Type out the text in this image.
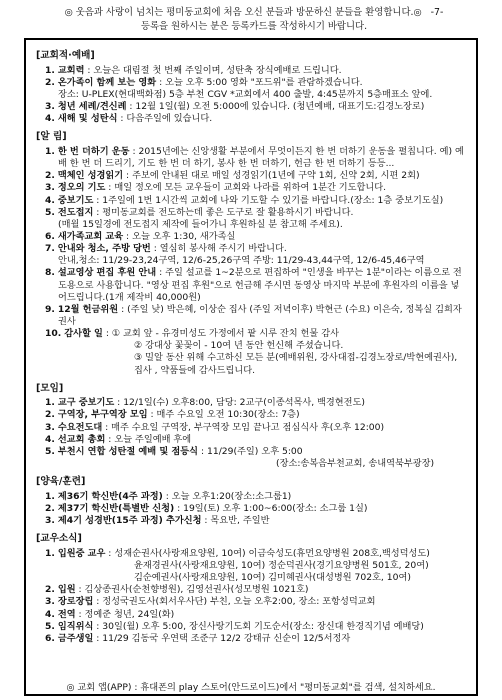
◎ 웃음과 사랑이 넘치는 평미동교회에 처음 오신 분들과 방문하신 분들을 환영합니다.◎ -7-
등록을 원하시는 분은 등록카드를 작성하시기 바랍니다.
[교회적∙예배]
1. 교회력 : 오늘은 대림절 첫 번째 주일이며, 성탄축 장식예배로 드립니다.
2. 온가족이 함께 보는 영화 : 오늘 오후 5:00 영화 "포드위"를 관람하겠습니다.
장소: U-PLEX(현대백화점) 5층 부천 CGV *교회에서 400 출발, 4:45분까지 5층매표소 앞에.
3. 청년 세례/견신례 : 12월 1일(월) 오전 5:000에 있습니다. (청년예배, 대표기도:김경노장로)
4. 새해 및 성탄식 : 다음주일에 있습니다.
[알 림]
1. 한 번 더하기 운동 : 2015년에는 신앙생활 부분에서 무엇이든지 한 번 더하기 운동을 펼칩니다. 예) 예배 한 번 더 드리기, 기도 한 번 더 하기, 봉사 한 번 더하기, 헌금 한 번 더하기 등등...
2. 맥체인 성경읽기 : 주보에 안내된 대로 매일 성경읽기(1년에 구약 1회, 신약 2회, 시편 2회)
3. 정오의 기도 : 매일 정오에 모든 교우들이 교회와 나라를 위하여 1분간 기도합니다.
4. 중보기도 : 1주일에 1번 1시간씩 교회에 나와 기도할 수 있기를 바랍니다.(장소: 1층 중보기도실)
5. 전도접지 : 평미동교회를 전도하는데 좋은 도구로 잘 활용하시기 바랍니다.
(매월 15일경에 전도접지 제작에 들어가니 후원하실 분 참고해 주세요).
6. 새가족교회 교육 : 오늘 오후 1:30, 새가족실
7. 안내와 청소, 주방 당번 : 열심히 봉사해 주시기 바랍니다.
안내,청소: 11/29-23,24구역, 12/6-25,26구역 주방: 11/29-43,44구역, 12/6-45,46구역
8. 설교영상 편집 후원 안내 : 주일 설교를 1~2분으로 편집하여 "인생을 바꾸는 1분"이라는 이름으로 전도용으로 사용합니다. "영상 편집 후원"으로 헌금해 주시면 동영상 마지막 부분에 후원자의 이름을 넣어드립니다.(1개 제작비 40,000원)
9. 12월 헌금위원 : (주일 낮) 박은혜, 이상순 집사 (주일 저녁이후) 박현근 (수요) 이은숙, 정복실 김희자 권사
10. 감사할 일 : ① 교회 앞 - 유경미성도 가정에서 팥 시루 잔치 헌물 감사
② 강대상 꽃꽂이 - 10여 년 동안 헌신해 주셨습니다.
③ 밀알 동산 위해 수고하신 모든 분(예배위원, 강사대접-김경노장로/박현예권사), 집사 , 약품들에 감사드립니다.
[모임]
1. 교구 중보기도 : 12/1일(수) 오후8:00, 담당: 2교구(이종석목사, 백경현전도)
2. 구역장, 부구역장 모임 : 매주 수요일 오전 10:30(장소: 7층)
3. 수요전도대 : 매주 수요일 구역장, 부구역장 모임 끝나고 점심식사 후(오후 12:00)
4. 선교회 총회 : 오늘 주일예배 후에
5. 부천시 연합 성탄절 예배 및 점등식 : 11/29(주일) 오후 5:00
(장소:송복음부천교회, 송내역북부광장)
[양육/훈련]
1. 제36기 학신반(4주 과정) : 오늘 오후1:20(장소:소그룹1)
2. 제37기 학신반(특별반 신청) : 19일(토) 오후 1:00~6:00(장소: 소그룹 1실)
3. 제4기 성경반(15주 과정) 추가신청 : 목요반, 주일반
[교우소식]
1. 입원중 교우 : 성재순권사(사랑재요양원, 10여) 이금숙성도(휴먼요양병원 208호,백성덕성도)
윤재경권사(사랑재요양원, 10여) 정순덕권사(경기요양병원 501호, 20여)
김순예권사(사랑재요양원, 10여) 김미혜권사(대성병원 702호, 10여)
2. 입원 : 김상종권사(순천향병원), 김영선권사(성모병원 1021호)
3. 장로장립 : 정성국권도사(회서우사단) 부친, 오늘 오후2:00, 장소: 포항성덕교회
4. 전역 : 정예준 청년, 24일(화)
5. 임직위식 : 30일(월) 오후 5:00, 장신사랑기도회 기도순서(장소: 장신대 한경직기념 예배당)
6. 금주생일 : 11/29 김동국 우연택 조준구 12/2 강태규 신순이 12/5서정자
◎ 교회 앱(APP) : 휴대폰의 play 스토어(안드로이드)에서 "평미동교회"를 검색, 설치하세요.
